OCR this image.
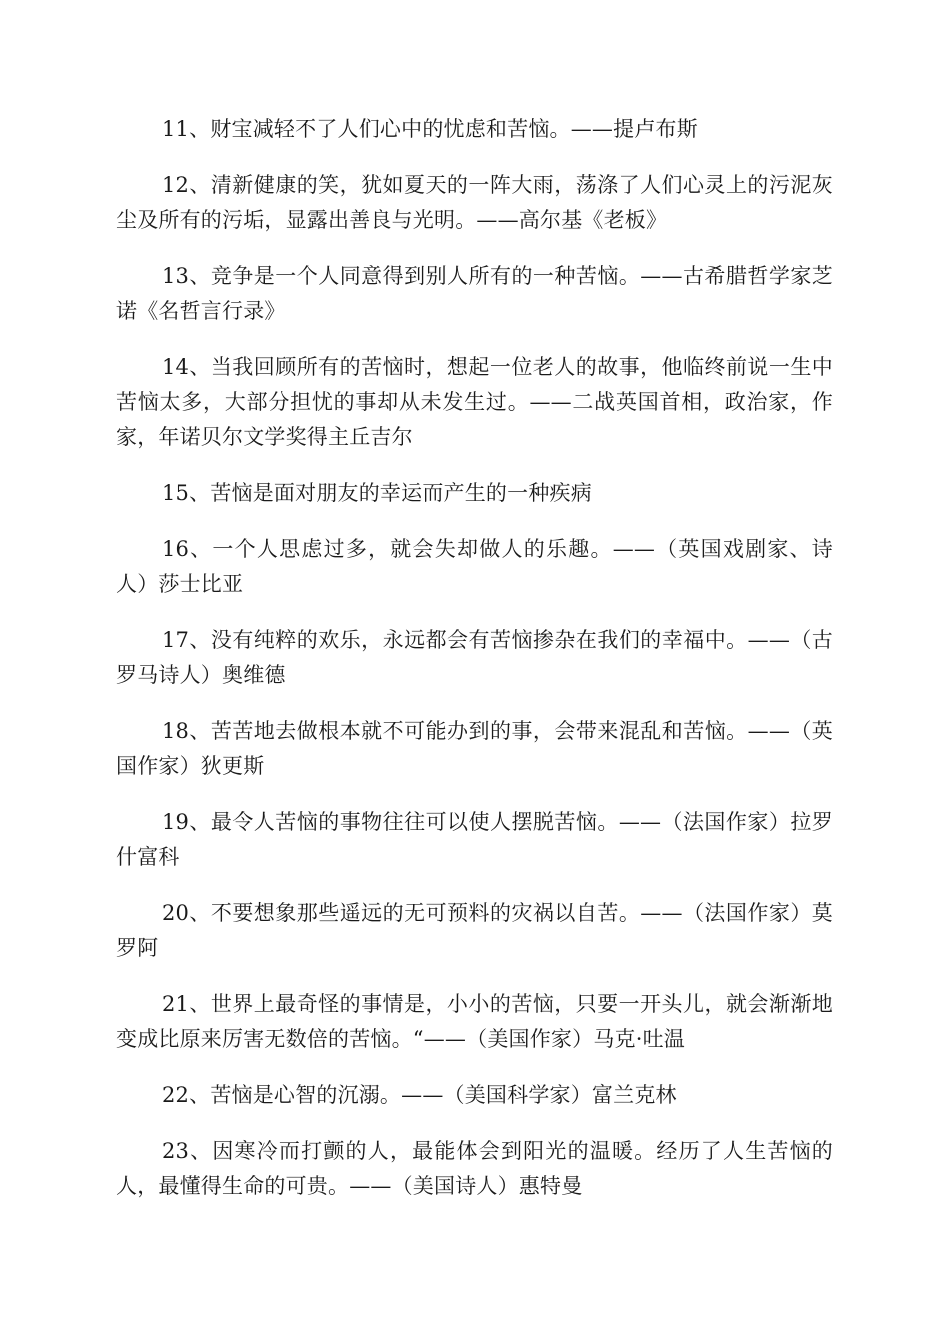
11、财宝减轻不了人们心中的忧虑和苦恼。——提卢布斯

12、清新健康的笑，犹如夏天的一阵大雨，荡涤了人们心灵上的污泥灰尘及所有的污垢，显露出善良与光明。——高尔基《老板》

13、竞争是一个人同意得到别人所有的一种苦恼。——古希腊哲学家芝诺《名哲言行录》

14、当我回顾所有的苦恼时，想起一位老人的故事，他临终前说一生中苦恼太多，大部分担忧的事却从未发生过。——二战英国首相，政治家，作家，年诺贝尔文学奖得主丘吉尔

15、苦恼是面对朋友的幸运而产生的一种疾病

16、一个人思虑过多，就会失却做人的乐趣。——（英国戏剧家、诗人）莎士比亚

17、没有纯粹的欢乐，永远都会有苦恼掺杂在我们的幸福中。——（古罗马诗人）奥维德

18、苦苦地去做根本就不可能办到的事，会带来混乱和苦恼。——（英国作家）狄更斯

19、最令人苦恼的事物往往可以使人摆脱苦恼。——（法国作家）拉罗什富科

20、不要想象那些遥远的无可预料的灾祸以自苦。——（法国作家）莫罗阿

21、世界上最奇怪的事情是，小小的苦恼，只要一开头儿，就会渐渐地变成比原来厉害无数倍的苦恼。“——（美国作家）马克·吐温

22、苦恼是心智的沉溺。——（美国科学家）富兰克林

23、因寒冷而打颤的人，最能体会到阳光的温暖。经历了人生苦恼的人，最懂得生命的可贵。——（美国诗人）惠特曼
